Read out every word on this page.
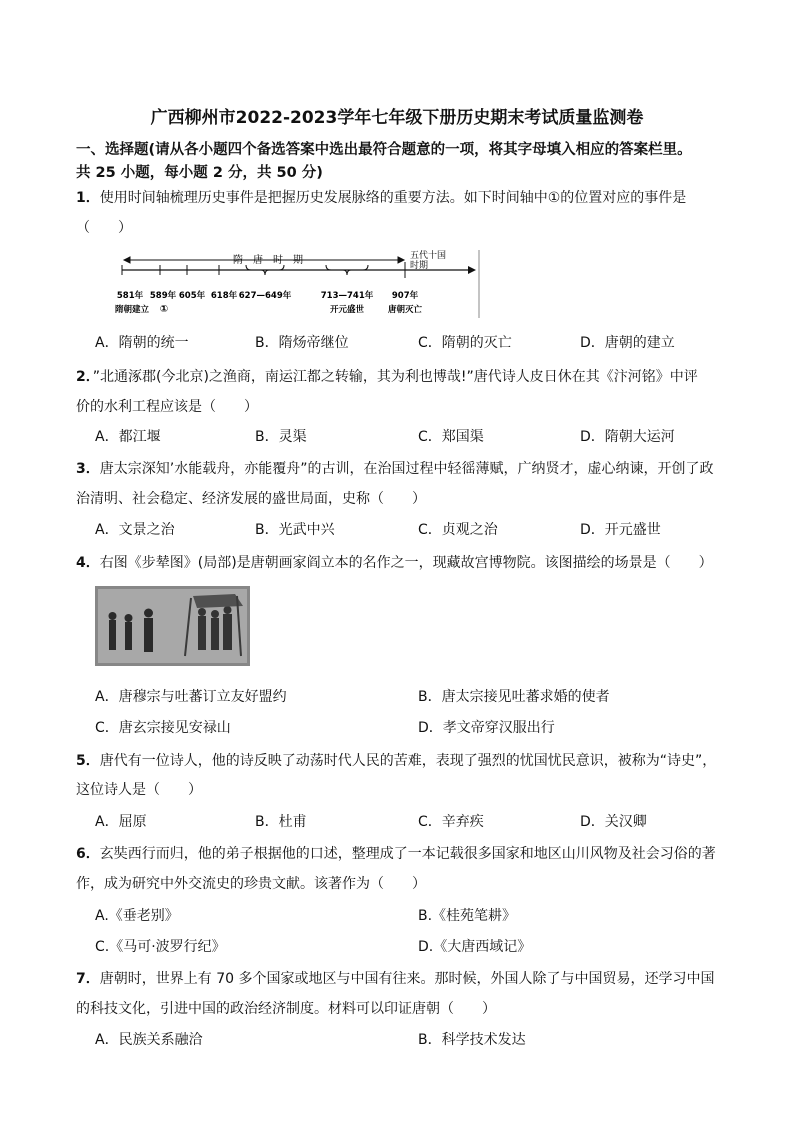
广西柳州市2022-2023学年七年级下册历史期末考试质量监测卷
一、选择题(请从各小题四个备选答案中选出最符合题意的一项，将其字母填入相应的答案栏里。
共 25 小题，每小题 2 分，共 50 分)
1．使用时间轴梳理历史事件是把握历史发展脉络的重要方法。如下时间轴中①的位置对应的事件是
（　　）
隋　唐　时　期	五代十国
时期
581年 589年 605年 618年 627—649年	713—741年 907年
隋朝建立 ①	开元盛世	唐朝灭亡
A．隋朝的统一	B．隋炀帝继位	C．隋朝的灭亡	D．唐朝的建立
2．”北通涿郡(今北京)之渔商，南运江都之转输，其为利也博哉!”唐代诗人皮日休在其《汴河铭》中评
价的水利工程应该是（　　）
A．都江堰	B．灵渠	C．郑国渠	D．隋朝大运河
3．唐太宗深知’水能载舟，亦能覆舟”的古训，在治国过程中轻徭薄赋，广纳贤才，虚心纳谏，开创了政
治清明、社会稳定、经济发展的盛世局面，史称（　　）
A．文景之治	B．光武中兴	C．贞观之治	D．开元盛世
4．右图《步辇图》(局部)是唐朝画家阎立本的名作之一，现藏故宫博物院。该图描绘的场景是（　　）
A．唐穆宗与吐蕃订立友好盟约	B．唐太宗接见吐蕃求婚的使者
C．唐玄宗接见安禄山	D．孝文帝穿汉服出行
5．唐代有一位诗人，他的诗反映了动荡时代人民的苦难，表现了强烈的忧国忧民意识，被称为“诗史”，
这位诗人是（　　）
A．屈原	B．杜甫	C．辛弃疾	D．关汉卿
6．玄奘西行而归，他的弟子根据他的口述，整理成了一本记载很多国家和地区山川风物及社会习俗的著
作，成为研究中外交流史的珍贵文献。该著作为（　　）
A.《垂老别》	B.《桂苑笔耕》
C.《马可·波罗行纪》	D.《大唐西域记》
7．唐朝时，世界上有 70 多个国家或地区与中国有往来。那时候，外国人除了与中国贸易，还学习中国
的科技文化，引进中国的政治经济制度。材料可以印证唐朝（　　）
A．民族关系融洽	B．科学技术发达
